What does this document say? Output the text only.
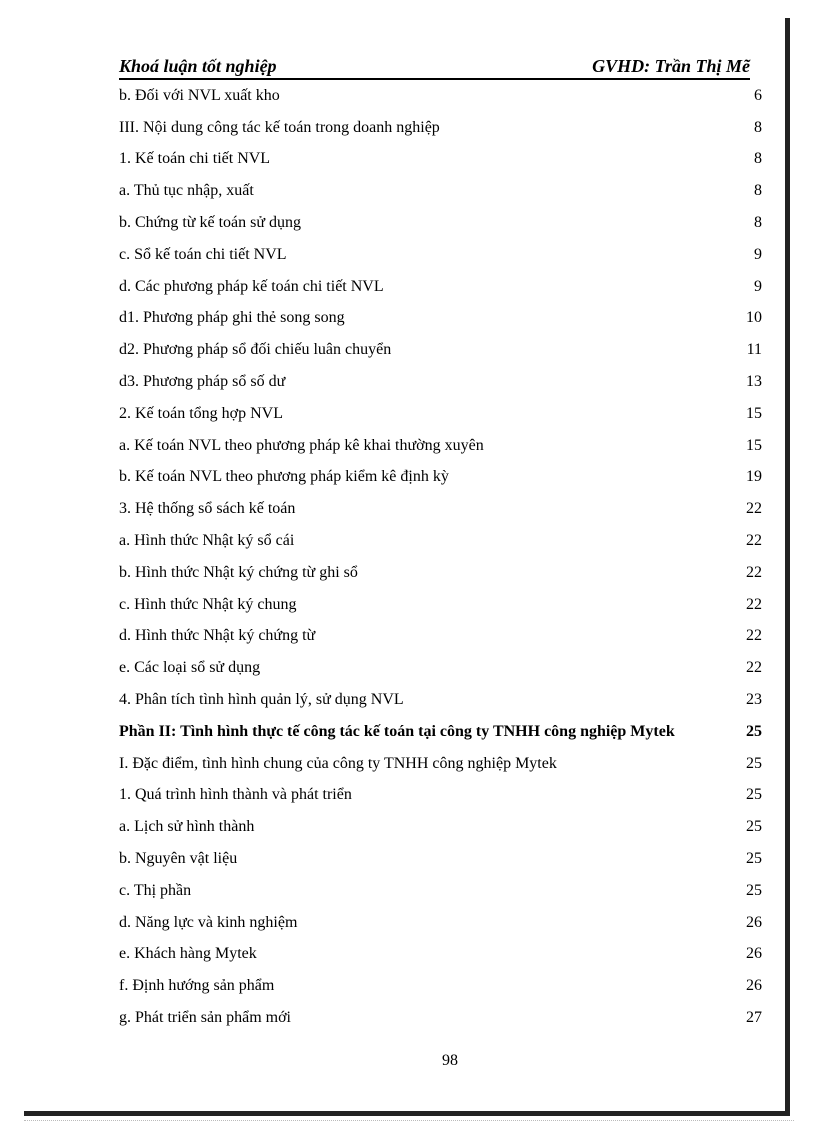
Khoá luận tốt nghiệp	GVHD: Trần Thị Mẽ
b. Đối với NVL xuất kho	6
III. Nội dung công tác kế toán trong doanh nghiệp	8
1. Kế toán chi tiết NVL	8
a. Thủ tục nhập, xuất	8
b. Chứng từ kế toán sử dụng	8
c. Sổ kế toán chi tiết NVL	9
d. Các phương pháp kế toán chi tiết NVL	9
d1. Phương pháp ghi thẻ song song	10
d2. Phương pháp sổ đối chiếu luân chuyển	11
d3. Phương pháp sổ số dư	13
2. Kế toán tổng hợp NVL	15
a. Kế toán NVL theo phương pháp kê khai thường xuyên	15
b. Kế toán NVL theo phương pháp kiểm kê định kỳ	19
3. Hệ thống sổ sách kế toán	22
a. Hình thức Nhật ký sổ cái	22
b. Hình thức Nhật ký chứng từ ghi sổ	22
c. Hình thức Nhật ký chung	22
d. Hình thức Nhật ký chứng từ	22
e. Các loại sổ sử dụng	22
4. Phân tích tình hình quản lý, sử dụng NVL	23
Phần II: Tình hình thực tế công tác kế toán tại công ty TNHH công nghiệp Mytek	25
I. Đặc điểm, tình hình chung của công ty TNHH công nghiệp Mytek	25
1. Quá trình hình thành và phát triển	25
a. Lịch sử hình thành	25
b. Nguyên vật liệu	25
c. Thị phần	25
d. Năng lực và kinh nghiệm	26
e. Khách hàng Mytek	26
f. Định hướng sản phẩm	26
g. Phát triển sản phẩm mới	27
98
